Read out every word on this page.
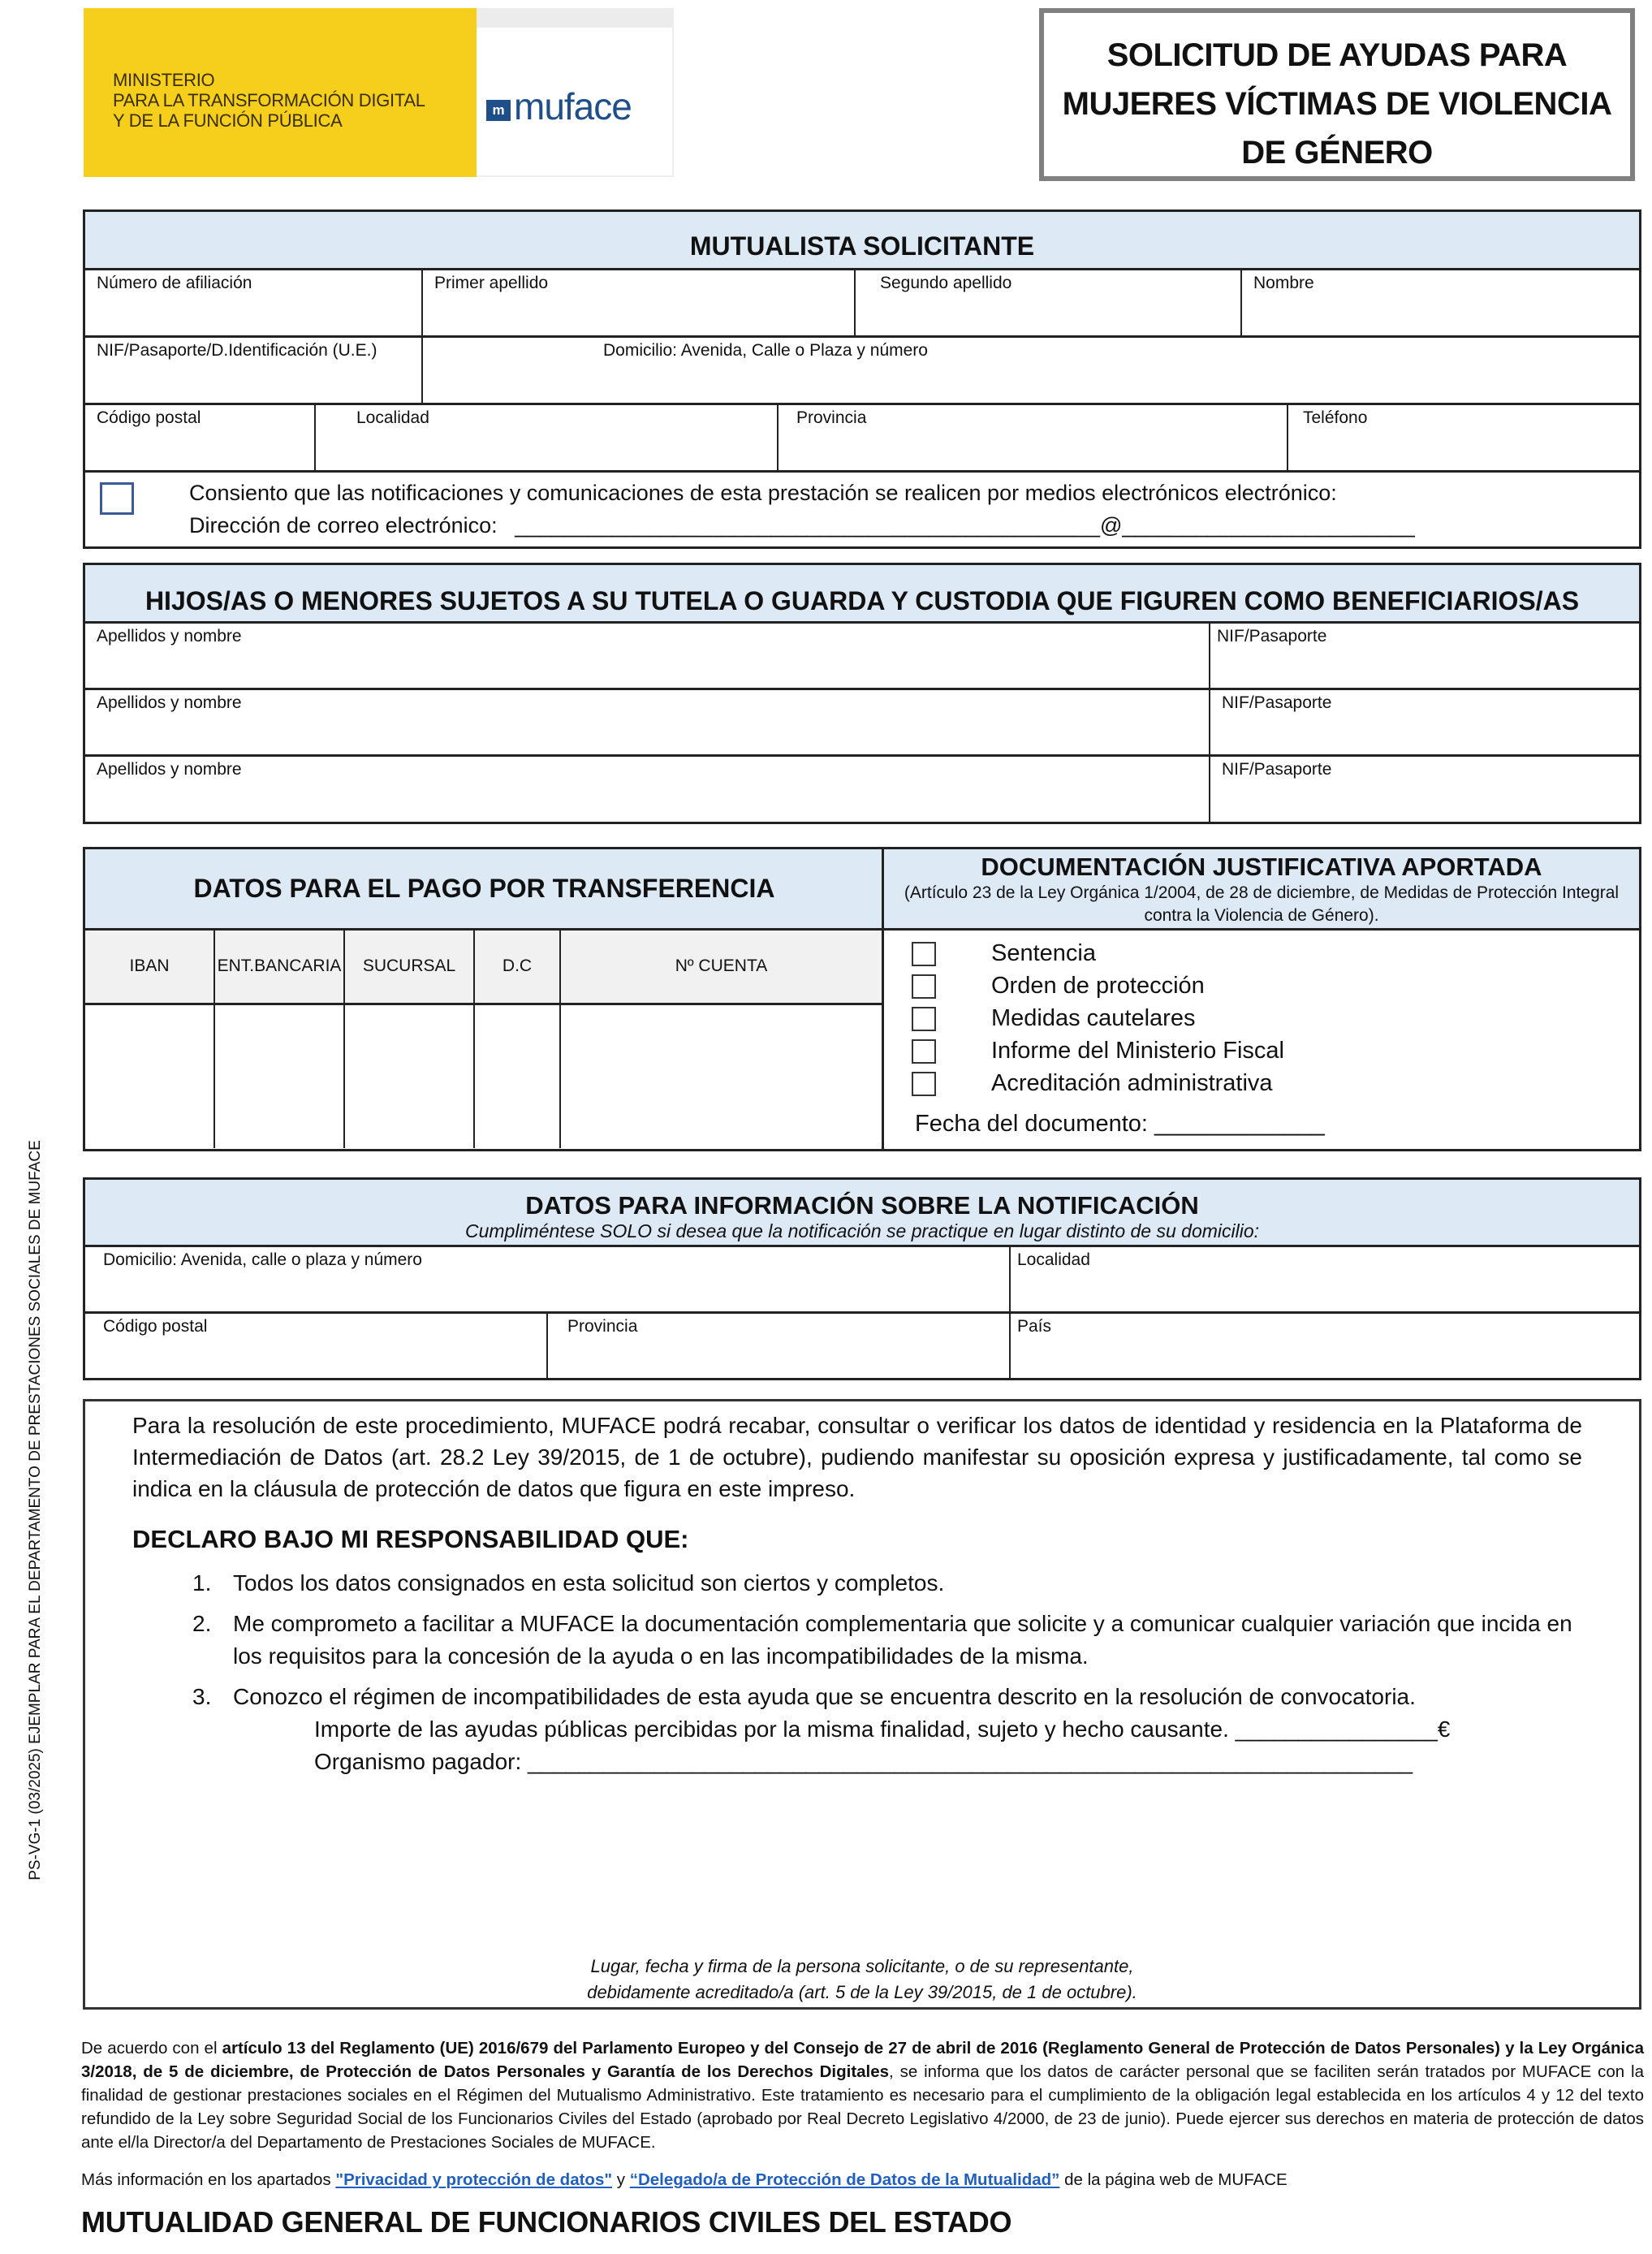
MINISTERIO
PARA LA TRANSFORMACIÓN DIGITAL
Y DE LA FUNCIÓN PÚBLICA
m muface
SOLICITUD DE AYUDAS PARA
MUJERES VÍCTIMAS DE VIOLENCIA
DE GÉNERO
MUTUALISTA SOLICITANTE
Número de afiliación	Primer apellido	Segundo apellido	Nombre
NIF/Pasaporte/D.Identificación (U.E.)	Domicilio: Avenida, Calle o Plaza y número
Código postal	Localidad	Provincia	Teléfono
Consiento que las notificaciones y comunicaciones de esta prestación se realicen por medios electrónicos electrónico:
Dirección de correo electrónico: ________________________________________________@________________________
HIJOS/AS O MENORES SUJETOS A SU TUTELA O GUARDA Y CUSTODIA QUE FIGUREN COMO BENEFICIARIOS/AS
Apellidos y nombre	NIF/Pasaporte
Apellidos y nombre	NIF/Pasaporte
Apellidos y nombre	NIF/Pasaporte
DATOS PARA EL PAGO POR TRANSFERENCIA
IBAN	ENT.BANCARIA	SUCURSAL	D.C	Nº CUENTA
DOCUMENTACIÓN JUSTIFICATIVA APORTADA
(Artículo 23 de la Ley Orgánica 1/2004, de 28 de diciembre, de Medidas de Protección Integral contra la Violencia de Género).
Sentencia
Orden de protección
Medidas cautelares
Informe del Ministerio Fiscal
Acreditación administrativa
Fecha del documento: _____________
DATOS PARA INFORMACIÓN SOBRE LA NOTIFICACIÓN
Cumpliméntese SOLO si desea que la notificación se practique en lugar distinto de su domicilio:
Domicilio: Avenida, calle o plaza y número	Localidad
Código postal	Provincia	País
Para la resolución de este procedimiento, MUFACE podrá recabar, consultar o verificar los datos de identidad y residencia en la Plataforma de Intermediación de Datos (art. 28.2 Ley 39/2015, de 1 de octubre), pudiendo manifestar su oposición expresa y justificadamente, tal como se indica en la cláusula de protección de datos que figura en este impreso.
DECLARO BAJO MI RESPONSABILIDAD QUE:
1. Todos los datos consignados en esta solicitud son ciertos y completos.
2. Me comprometo a facilitar a MUFACE la documentación complementaria que solicite y a comunicar cualquier variación que incida en los requisitos para la concesión de la ayuda o en las incompatibilidades de la misma.
3. Conozco el régimen de incompatibilidades de esta ayuda que se encuentra descrito en la resolución de convocatoria.
Importe de las ayudas públicas percibidas por la misma finalidad, sujeto y hecho causante. ________________€
Organismo pagador: ______________________________________________________________________
Lugar, fecha y firma de la persona solicitante, o de su representante,
debidamente acreditado/a (art. 5 de la Ley 39/2015, de 1 de octubre).
De acuerdo con el artículo 13 del Reglamento (UE) 2016/679 del Parlamento Europeo y del Consejo de 27 de abril de 2016 (Reglamento General de Protección de Datos Personales) y la Ley Orgánica 3/2018, de 5 de diciembre, de Protección de Datos Personales y Garantía de los Derechos Digitales, se informa que los datos de carácter personal que se faciliten serán tratados por MUFACE con la finalidad de gestionar prestaciones sociales en el Régimen del Mutualismo Administrativo. Este tratamiento es necesario para el cumplimiento de la obligación legal establecida en los artículos 4 y 12 del texto refundido de la Ley sobre Seguridad Social de los Funcionarios Civiles del Estado (aprobado por Real Decreto Legislativo 4/2000, de 23 de junio). Puede ejercer sus derechos en materia de protección de datos ante el/la Director/a del Departamento de Prestaciones Sociales de MUFACE.
Más información en los apartados "Privacidad y protección de datos" y “Delegado/a de Protección de Datos de la Mutualidad” de la página web de MUFACE
MUTUALIDAD GENERAL DE FUNCIONARIOS CIVILES DEL ESTADO
PS-VG-1 (03/2025) EJEMPLAR PARA EL DEPARTAMENTO DE PRESTACIONES SOCIALES DE MUFACE
